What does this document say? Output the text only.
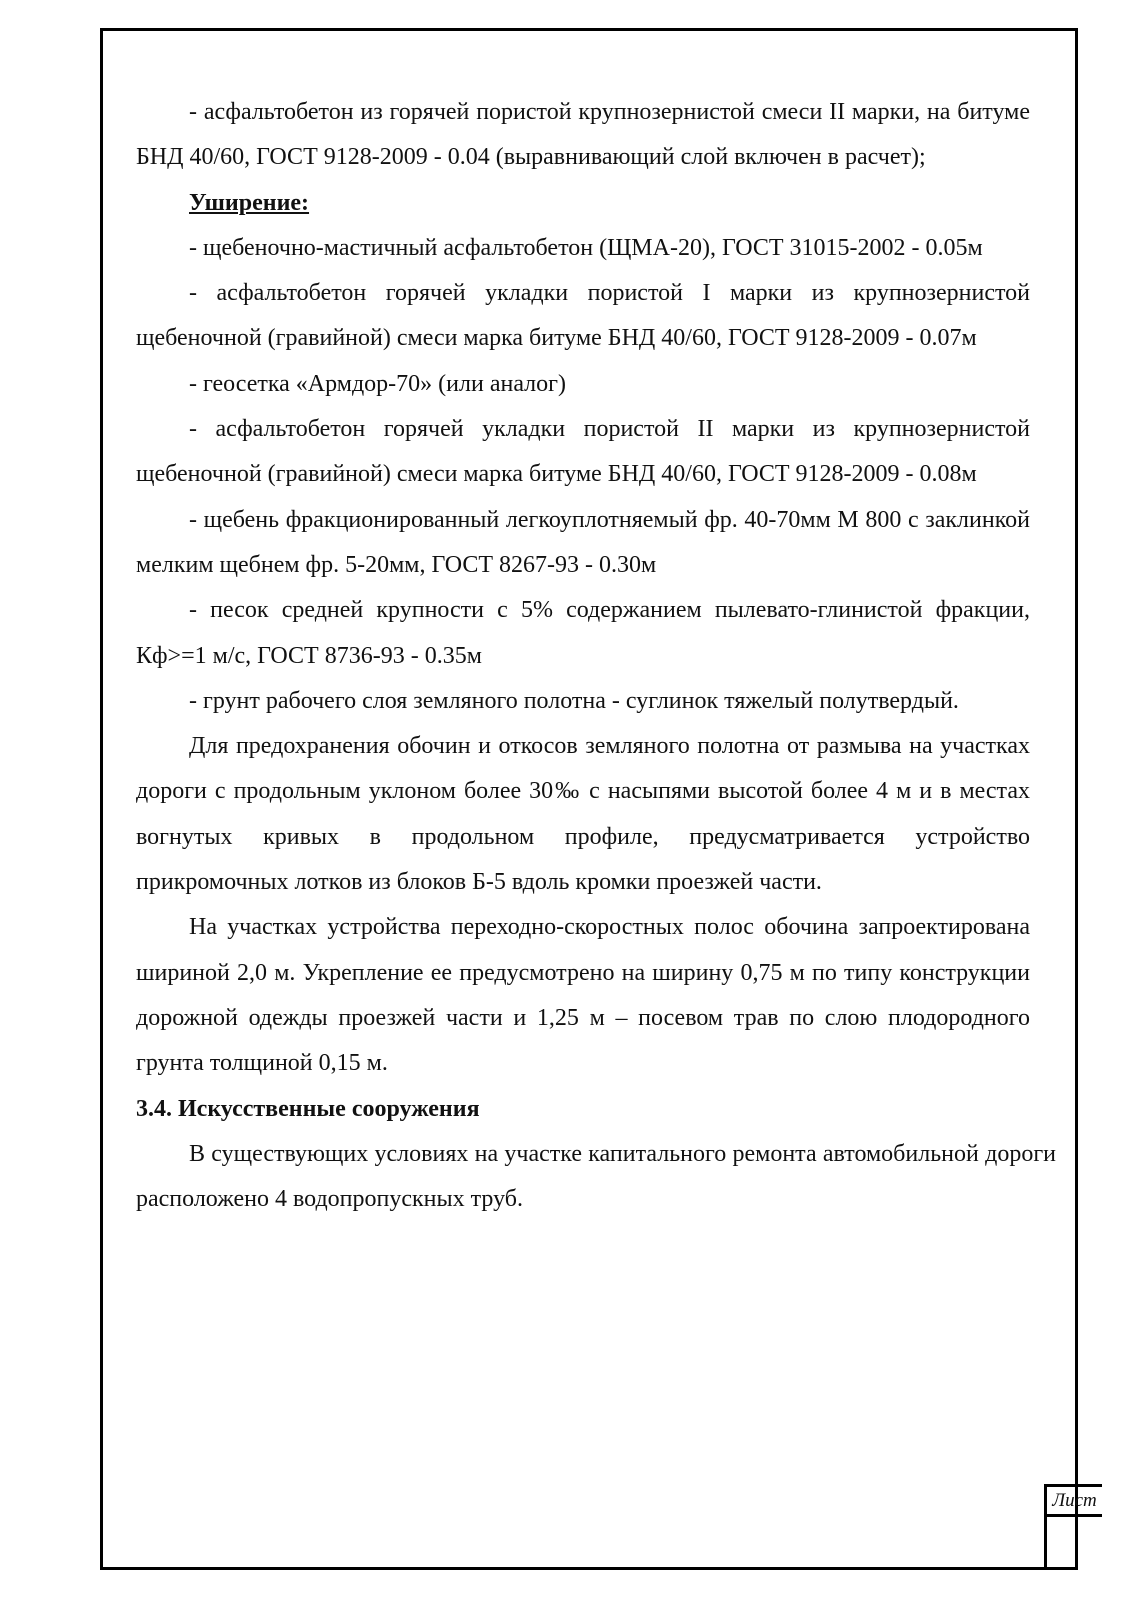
- асфальтобетон из горячей пористой крупнозернистой смеси II марки, на битуме БНД 40/60, ГОСТ 9128-2009 - 0.04 (выравнивающий слой включен в расчет);

Уширение:

- щебеночно-мастичный асфальтобетон (ЩМА-20), ГОСТ 31015-2002 - 0.05м

- асфальтобетон горячей укладки пористой I марки из крупнозернистой щебеночной (гравийной) смеси марка битуме БНД 40/60, ГОСТ 9128-2009 - 0.07м

- геосетка «Армдор-70» (или аналог)

- асфальтобетон горячей укладки пористой II марки из крупнозернистой щебеночной (гравийной) смеси марка битуме БНД 40/60, ГОСТ 9128-2009 - 0.08м

- щебень фракционированный легкоуплотняемый фр. 40-70мм М 800 с заклинкой мелким щебнем фр. 5-20мм, ГОСТ 8267-93 - 0.30м

- песок средней крупности с 5% содержанием пылевато-глинистой фракции, Кф>=1 м/с, ГОСТ 8736-93 - 0.35м

- грунт рабочего слоя земляного полотна - суглинок тяжелый полутвердый.

Для предохранения обочин и откосов земляного полотна от размыва на участках дороги с продольным уклоном более 30‰ с насыпями высотой более 4 м и в местах вогнутых кривых в продольном профиле, предусматривается устройство прикромочных лотков из блоков Б-5 вдоль кромки проезжей части.

На участках устройства переходно-скоростных полос обочина запроектирована шириной 2,0 м. Укрепление ее предусмотрено на ширину 0,75 м по типу конструкции дорожной одежды проезжей части и 1,25 м – посевом трав по слою плодородного грунта толщиной 0,15 м.

3.4. Искусственные сооружения

В существующих условиях на участке капитального ремонта автомобильной дороги расположено 4 водопропускных труб.

Лист
